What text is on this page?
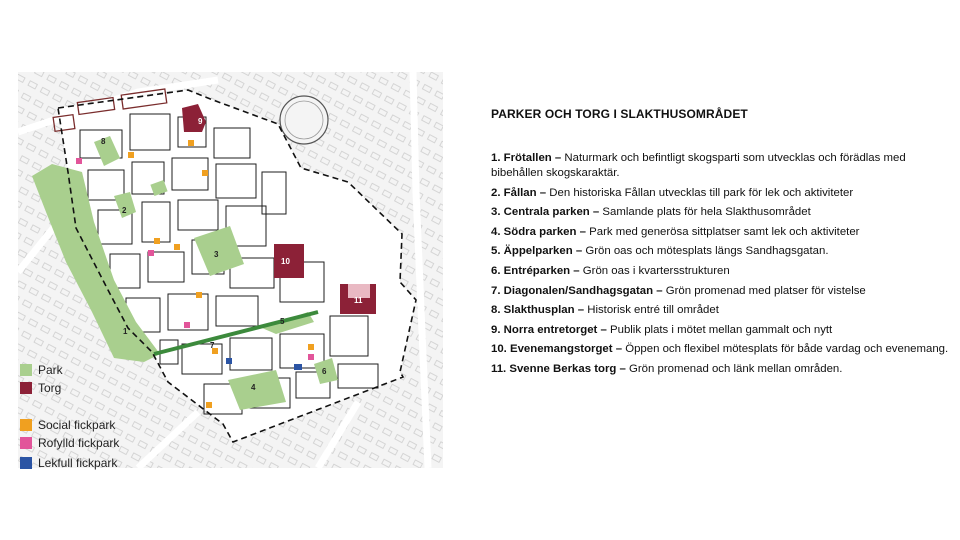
1
2
3
4
5
6
7
8
9
10
11
Park
Torg
Social fickpark
Rofylld fickpark
Lekfull fickpark
PARKER OCH TORG I SLAKTHUSOMRÅDET
1. Frötallen – Naturmark och befintligt skogsparti som utvecklas och förädlas med bibehållen skogskaraktär.
2. Fållan – Den historiska Fållan utvecklas till park för lek och aktiviteter
3. Centrala parken – Samlande plats för hela Slakthusområdet
4. Södra parken – Park med generösa sittplatser samt lek och aktiviteter
5. Äppelparken – Grön oas och mötesplats längs Sandhagsgatan.
6. Entréparken – Grön oas i kvartersstrukturen
7. Diagonalen/Sandhagsgatan – Grön promenad med platser för vistelse
8. Slakthusplan – Historisk entré till området
9. Norra entretorget – Publik plats i mötet mellan gammalt och nytt
10. Evenemangstorget – Öppen och flexibel mötesplats för både vardag och evenemang.
11. Svenne Berkas torg – Grön promenad och länk mellan områden.
